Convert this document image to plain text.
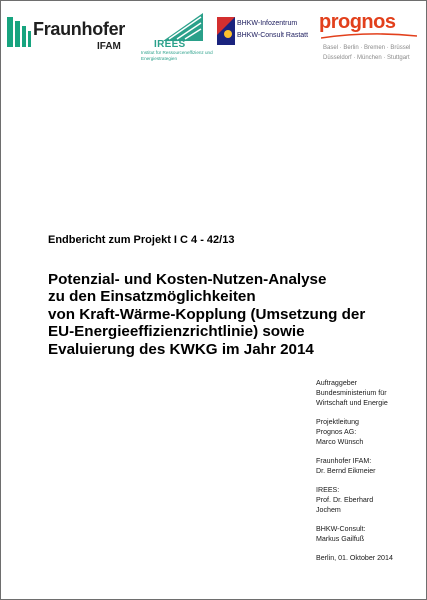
Fraunhofer
IFAM	IREES
Institut für Ressourceneffizienz und Energiestrategien
BHKW-Infozentrum
BHKW-Consult Rastatt
prognos
Basel · Berlin · Bremen · Brüssel
Düsseldorf · München · Stuttgart
Endbericht zum Projekt I C 4 - 42/13
Potenzial- und Kosten-Nutzen-Analyse
zu den Einsatzmöglichkeiten
von Kraft-Wärme-Kopplung (Umsetzung der
EU-Energieeffizienzrichtlinie) sowie
Evaluierung des KWKG im Jahr 2014
Auftraggeber
Bundesministerium für
Wirtschaft und Energie
Projektleitung
Prognos AG:
Marco Wünsch
Fraunhofer IFAM:
Dr. Bernd Eikmeier
IREES:
Prof. Dr. Eberhard
Jochem
BHKW-Consult:
Markus Gailfuß
Berlin, 01. Oktober 2014
